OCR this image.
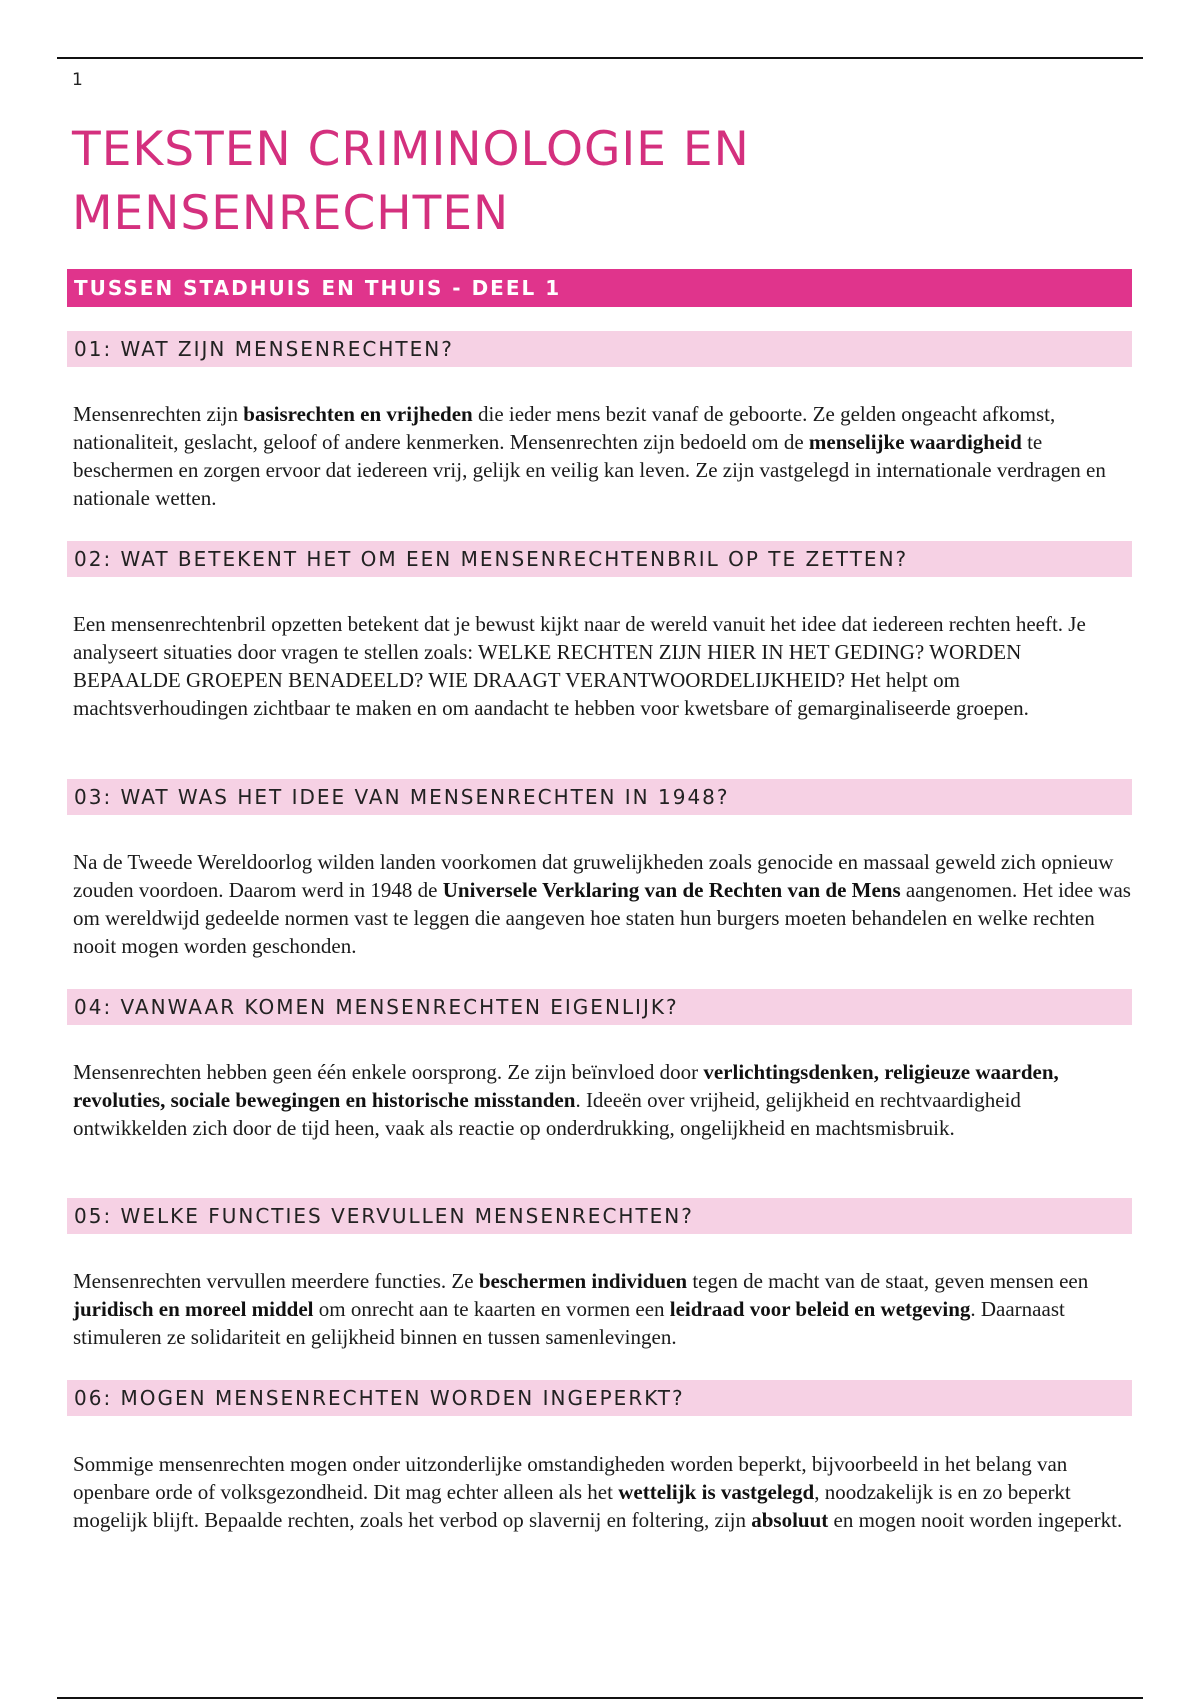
1
TEKSTEN CRIMINOLOGIE EN
MENSENRECHTEN
TUSSEN STADHUIS EN THUIS - DEEL 1
01: WAT ZIJN MENSENRECHTEN?

Mensenrechten zijn basisrechten en vrijheden die ieder mens bezit vanaf de geboorte. Ze gelden ongeacht afkomst, nationaliteit, geslacht, geloof of andere kenmerken. Mensenrechten zijn bedoeld om de menselijke waardigheid te beschermen en zorgen ervoor dat iedereen vrij, gelijk en veilig kan leven. Ze zijn vastgelegd in internationale verdragen en nationale wetten.

02: WAT BETEKENT HET OM EEN MENSENRECHTENBRIL OP TE ZETTEN?

Een mensenrechtenbril opzetten betekent dat je bewust kijkt naar de wereld vanuit het idee dat iedereen rechten heeft. Je analyseert situaties door vragen te stellen zoals: WELKE RECHTEN ZIJN HIER IN HET GEDING? WORDEN BEPAALDE GROEPEN BENADEELD? WIE DRAAGT VERANTWOORDELIJKHEID? Het helpt om machtsverhoudingen zichtbaar te maken en om aandacht te hebben voor kwetsbare of gemarginaliseerde groepen.

03: WAT WAS HET IDEE VAN MENSENRECHTEN IN 1948?

Na de Tweede Wereldoorlog wilden landen voorkomen dat gruwelijkheden zoals genocide en massaal geweld zich opnieuw zouden voordoen. Daarom werd in 1948 de Universele Verklaring van de Rechten van de Mens aangenomen. Het idee was om wereldwijd gedeelde normen vast te leggen die aangeven hoe staten hun burgers moeten behandelen en welke rechten nooit mogen worden geschonden.

04: VANWAAR KOMEN MENSENRECHTEN EIGENLIJK?

Mensenrechten hebben geen één enkele oorsprong. Ze zijn beïnvloed door verlichtingsdenken, religieuze waarden, revoluties, sociale bewegingen en historische misstanden. Ideeën over vrijheid, gelijkheid en rechtvaardigheid ontwikkelden zich door de tijd heen, vaak als reactie op onderdrukking, ongelijkheid en machtsmisbruik.

05: WELKE FUNCTIES VERVULLEN MENSENRECHTEN?

Mensenrechten vervullen meerdere functies. Ze beschermen individuen tegen de macht van de staat, geven mensen een juridisch en moreel middel om onrecht aan te kaarten en vormen een leidraad voor beleid en wetgeving. Daarnaast stimuleren ze solidariteit en gelijkheid binnen en tussen samenlevingen.

06: MOGEN MENSENRECHTEN WORDEN INGEPERKT?

Sommige mensenrechten mogen onder uitzonderlijke omstandigheden worden beperkt, bijvoorbeeld in het belang van openbare orde of volksgezondheid. Dit mag echter alleen als het wettelijk is vastgelegd, noodzakelijk is en zo beperkt mogelijk blijft. Bepaalde rechten, zoals het verbod op slavernij en foltering, zijn absoluut en mogen nooit worden ingeperkt.
